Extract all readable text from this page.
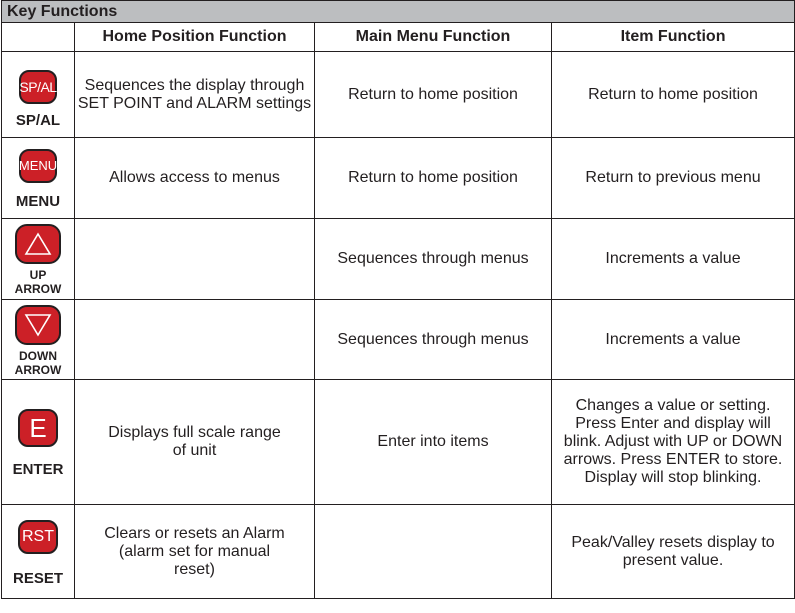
Key Functions			
	Home Position Function	Main Menu Function	Item Function

SP/AL
SP/AL	Sequences the display through SET POINT and ALARM settings	Return to home position	Return to home position

MENU
MENU	Allows access to menus	Return to home position	Return to previous menu

UP ARROW		Sequences through menus	Increments a value

DOWN ARROW		Sequences through menus	Increments a value

E
ENTER	Displays full scale range of unit	Enter into items	Changes a value or setting. Press Enter and display will blink. Adjust with UP or DOWN arrows. Press ENTER to store. Display will stop blinking.

RST
RESET	Clears or resets an Alarm (alarm set for manual reset)		Peak/Valley resets display to present value.
